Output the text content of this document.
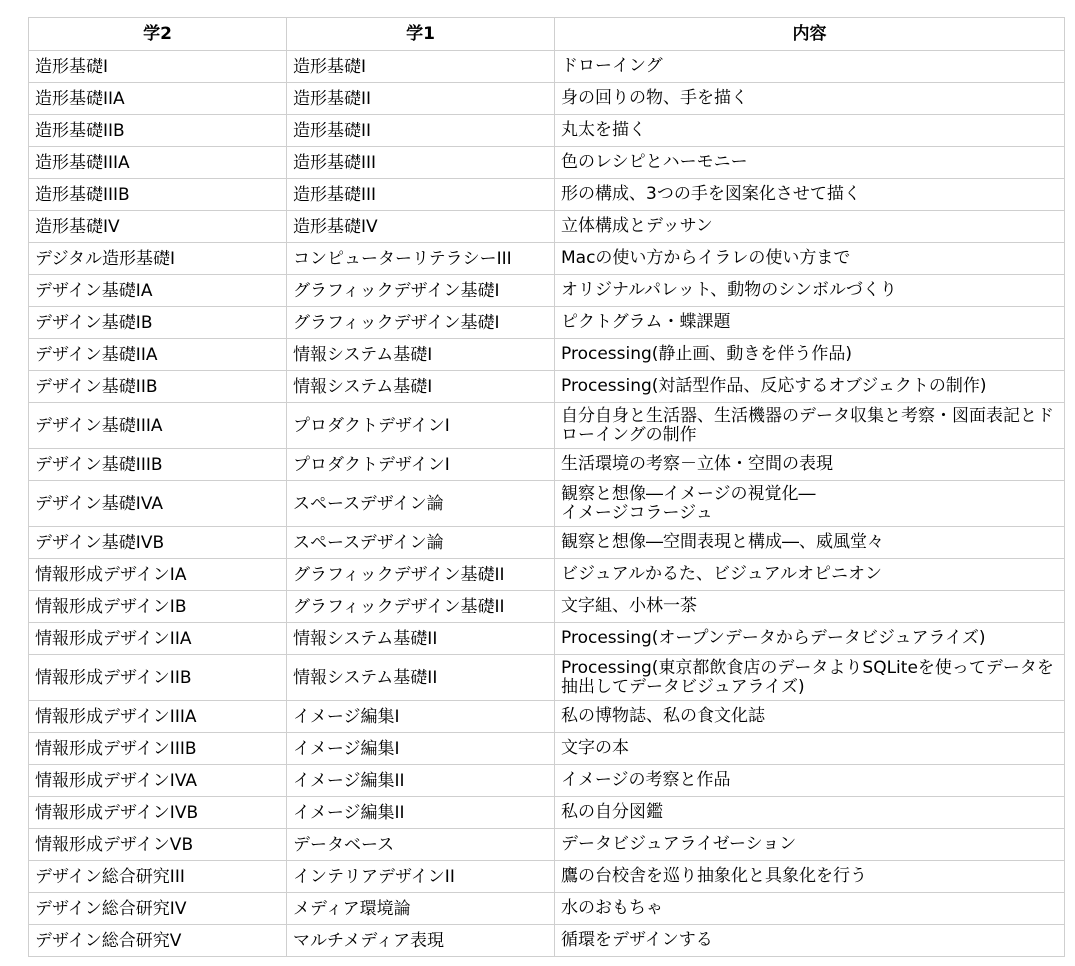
学2	学1	内容
造形基礎I	造形基礎I	ドローイング
造形基礎IIA	造形基礎II	身の回りの物、手を描く
造形基礎IIB	造形基礎II	丸太を描く
造形基礎IIIA	造形基礎III	色のレシピとハーモニー
造形基礎IIIB	造形基礎III	形の構成、3つの手を図案化させて描く
造形基礎IV	造形基礎IV	立体構成とデッサン
デジタル造形基礎I	コンピューターリテラシーIII	Macの使い方からイラレの使い方まで
デザイン基礎IA	グラフィックデザイン基礎I	オリジナルパレット、動物のシンボルづくり
デザイン基礎IB	グラフィックデザイン基礎I	ピクトグラム・蝶課題
デザイン基礎IIA	情報システム基礎I	Processing(静止画、動きを伴う作品)
デザイン基礎IIB	情報システム基礎I	Processing(対話型作品、反応するオブジェクトの制作)
デザイン基礎IIIA	プロダクトデザインI	自分自身と生活器、生活機器のデータ収集と考察・図面表記とドローイングの制作
デザイン基礎IIIB	プロダクトデザインI	生活環境の考察－立体・空間の表現
デザイン基礎IVA	スペースデザイン論	観察と想像―イメージの視覚化―
イメージコラージュ
デザイン基礎IVB	スペースデザイン論	観察と想像―空間表現と構成―、威風堂々
情報形成デザインIA	グラフィックデザイン基礎II	ビジュアルかるた、ビジュアルオピニオン
情報形成デザインIB	グラフィックデザイン基礎II	文字組、小林一茶
情報形成デザインIIA	情報システム基礎II	Processing(オープンデータからデータビジュアライズ)
情報形成デザインIIB	情報システム基礎II	Processing(東京都飲食店のデータよりSQLiteを使ってデータを抽出してデータビジュアライズ)
情報形成デザインIIIA	イメージ編集I	私の博物誌、私の食文化誌
情報形成デザインIIIB	イメージ編集I	文字の本
情報形成デザインIVA	イメージ編集II	イメージの考察と作品
情報形成デザインIVB	イメージ編集II	私の自分図鑑
情報形成デザインVB	データベース	データビジュアライゼーション
デザイン総合研究III	インテリアデザインII	鷹の台校舎を巡り抽象化と具象化を行う
デザイン総合研究IV	メディア環境論	水のおもちゃ
デザイン総合研究V	マルチメディア表現	循環をデザインする
